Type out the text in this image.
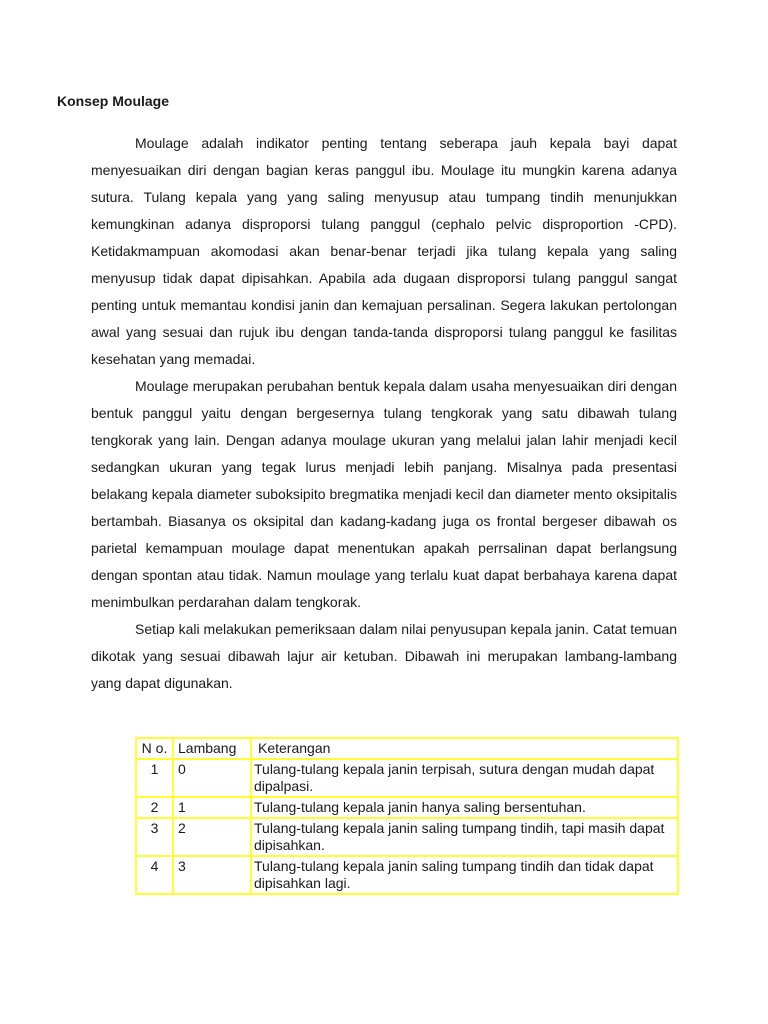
Konsep Moulage

Moulage adalah indikator penting tentang seberapa jauh kepala bayi dapat menyesuaikan diri dengan bagian keras panggul ibu. Moulage itu mungkin karena adanya sutura. Tulang kepala yang yang saling menyusup atau tumpang tindih menunjukkan kemungkinan adanya disproporsi tulang panggul (cephalo pelvic disproportion -CPD). Ketidakmampuan akomodasi akan benar-benar terjadi jika tulang kepala yang saling menyusup tidak dapat dipisahkan. Apabila ada dugaan disproporsi tulang panggul sangat penting untuk memantau kondisi janin dan kemajuan persalinan. Segera lakukan pertolongan awal yang sesuai dan rujuk ibu dengan tanda-tanda disproporsi tulang panggul ke fasilitas kesehatan yang memadai.

Moulage merupakan perubahan bentuk kepala dalam usaha menyesuaikan diri dengan bentuk panggul yaitu dengan bergesernya tulang tengkorak yang satu dibawah tulang tengkorak yang lain. Dengan adanya moulage ukuran yang melalui jalan lahir menjadi kecil sedangkan ukuran yang tegak lurus menjadi lebih panjang. Misalnya pada presentasi belakang kepala diameter suboksipito bregmatika menjadi kecil dan diameter mento oksipitalis bertambah. Biasanya os oksipital dan kadang-kadang juga os frontal bergeser dibawah os parietal kemampuan moulage dapat menentukan apakah perrsalinan dapat berlangsung dengan spontan atau tidak. Namun moulage yang terlalu kuat dapat berbahaya karena dapat menimbulkan perdarahan dalam tengkorak.

Setiap kali melakukan pemeriksaan dalam nilai penyusupan kepala janin. Catat temuan dikotak yang sesuai dibawah lajur air ketuban. Dibawah ini merupakan lambang-lambang yang dapat digunakan.

N o.	Lambang	Keterangan
1	0	Tulang-tulang kepala janin terpisah, sutura dengan mudah dapat dipalpasi.
2	1	Tulang-tulang kepala janin hanya saling bersentuhan.
3	2	Tulang-tulang kepala janin saling tumpang tindih, tapi masih dapat dipisahkan.
4	3	Tulang-tulang kepala janin saling tumpang tindih dan tidak dapat dipisahkan lagi.
